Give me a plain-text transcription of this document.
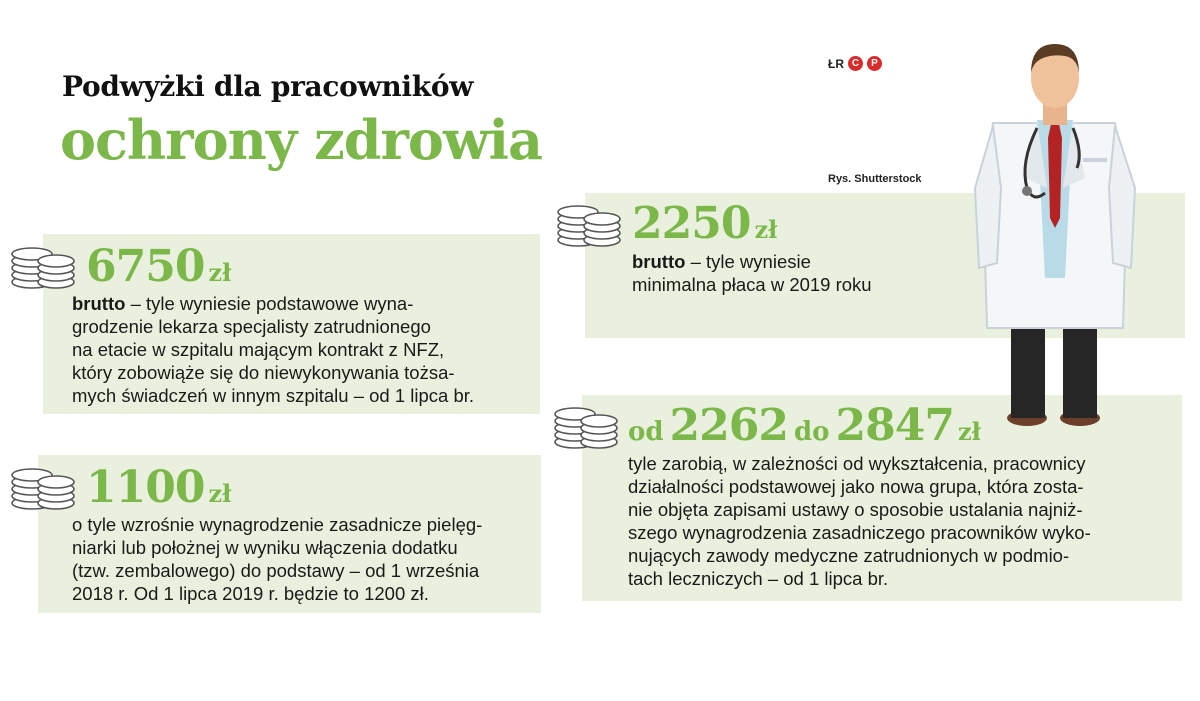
Podwyżki dla pracowników
ochrony zdrowia
ŁR C	P
Rys. Shutterstock
6750 zł
brutto – tyle wyniesie podstawowe wyna-
grodzenie lekarza specjalisty zatrudnionego
na etacie w szpitalu mającym kontrakt z NFZ,
który zobowiąże się do niewykonywania tożsa-
mych świadczeń w innym szpitalu – od 1 lipca br.
1100 zł
o tyle wzrośnie wynagrodzenie zasadnicze pielęg-
niarki lub położnej w wyniku włączenia dodatku
(tzw. zembalowego) do podstawy – od 1 września
2018 r. Od 1 lipca 2019 r. będzie to 1200 zł.
2250 zł
brutto – tyle wyniesie
minimalna płaca w 2019 roku
od 2262 do 2847 zł
tyle zarobią, w zależności od wykształcenia, pracownicy
działalności podstawowej jako nowa grupa, która zosta-
nie objęta zapisami ustawy o sposobie ustalania najniż-
szego wynagrodzenia zasadniczego pracowników wyko-
nujących zawody medyczne zatrudnionych w podmio-
tach leczniczych – od 1 lipca br.
